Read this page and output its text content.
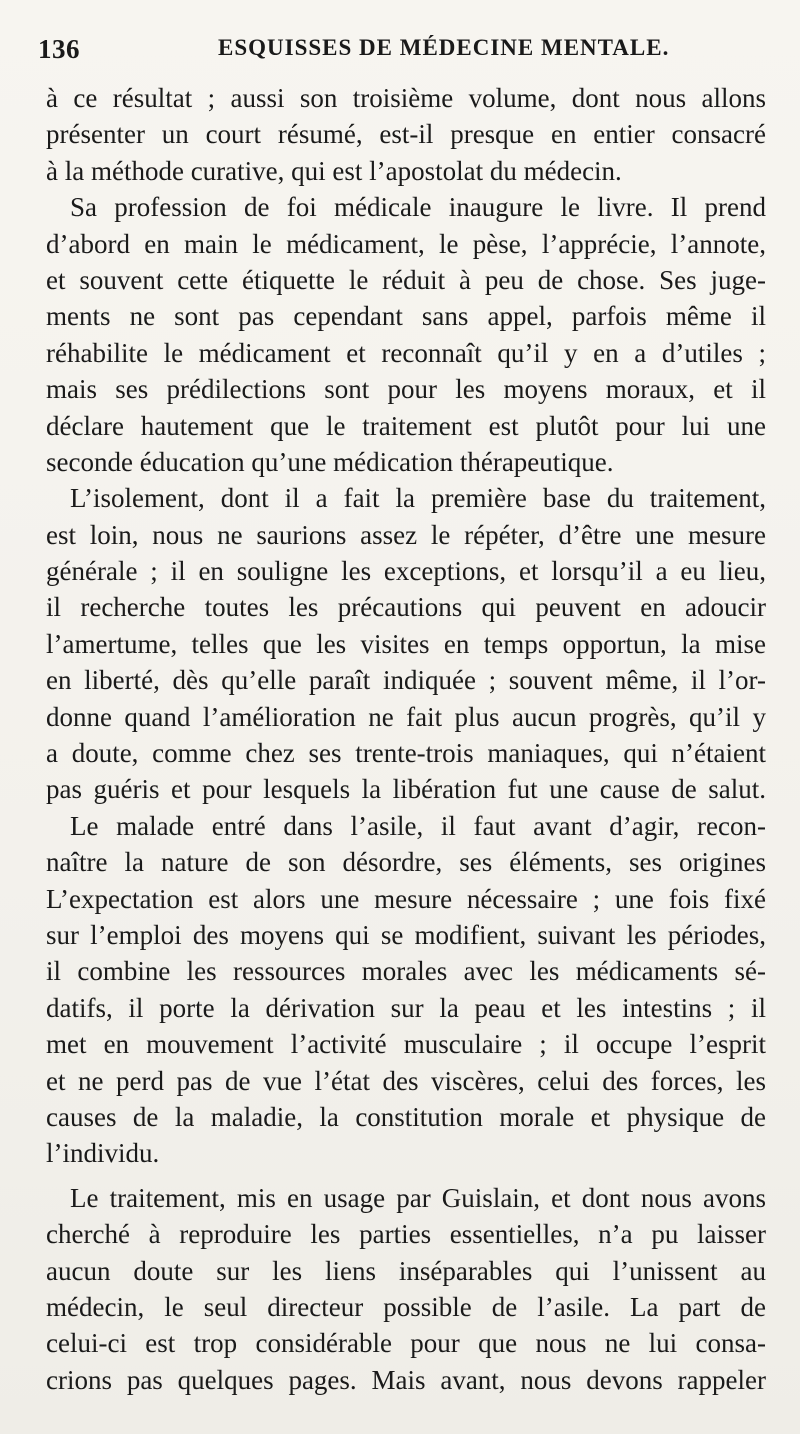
136	ESQUISSES DE MÉDECINE MENTALE.
à ce résultat ; aussi son troisième volume, dont nous allons
présenter un court résumé, est-il presque en entier consacré
à la méthode curative, qui est l’apostolat du médecin.
Sa profession de foi médicale inaugure le livre. Il prend
d’abord en main le médicament, le pèse, l’apprécie, l’annote,
et souvent cette étiquette le réduit à peu de chose. Ses juge-
ments ne sont pas cependant sans appel, parfois même il
réhabilite le médicament et reconnaît qu’il y en a d’utiles ;
mais ses prédilections sont pour les moyens moraux, et il
déclare hautement que le traitement est plutôt pour lui une
seconde éducation qu’une médication thérapeutique.
L’isolement, dont il a fait la première base du traitement,
est loin, nous ne saurions assez le répéter, d’être une mesure
générale ; il en souligne les exceptions, et lorsqu’il a eu lieu,
il recherche toutes les précautions qui peuvent en adoucir
l’amertume, telles que les visites en temps opportun, la mise
en liberté, dès qu’elle paraît indiquée ; souvent même, il l’or-
donne quand l’amélioration ne fait plus aucun progrès, qu’il y
a doute, comme chez ses trente-trois maniaques, qui n’étaient
pas guéris et pour lesquels la libération fut une cause de salut.
Le malade entré dans l’asile, il faut avant d’agir, recon-
naître la nature de son désordre, ses éléments, ses origines
L’expectation est alors une mesure nécessaire ; une fois fixé
sur l’emploi des moyens qui se modifient, suivant les périodes,
il combine les ressources morales avec les médicaments sé-
datifs, il porte la dérivation sur la peau et les intestins ; il
met en mouvement l’activité musculaire ; il occupe l’esprit
et ne perd pas de vue l’état des viscères, celui des forces, les
causes de la maladie, la constitution morale et physique de
l’individu.
Le traitement, mis en usage par Guislain, et dont nous avons
cherché à reproduire les parties essentielles, n’a pu laisser
aucun doute sur les liens inséparables qui l’unissent au
médecin, le seul directeur possible de l’asile. La part de
celui-ci est trop considérable pour que nous ne lui consa-
crions pas quelques pages. Mais avant, nous devons rappeler
